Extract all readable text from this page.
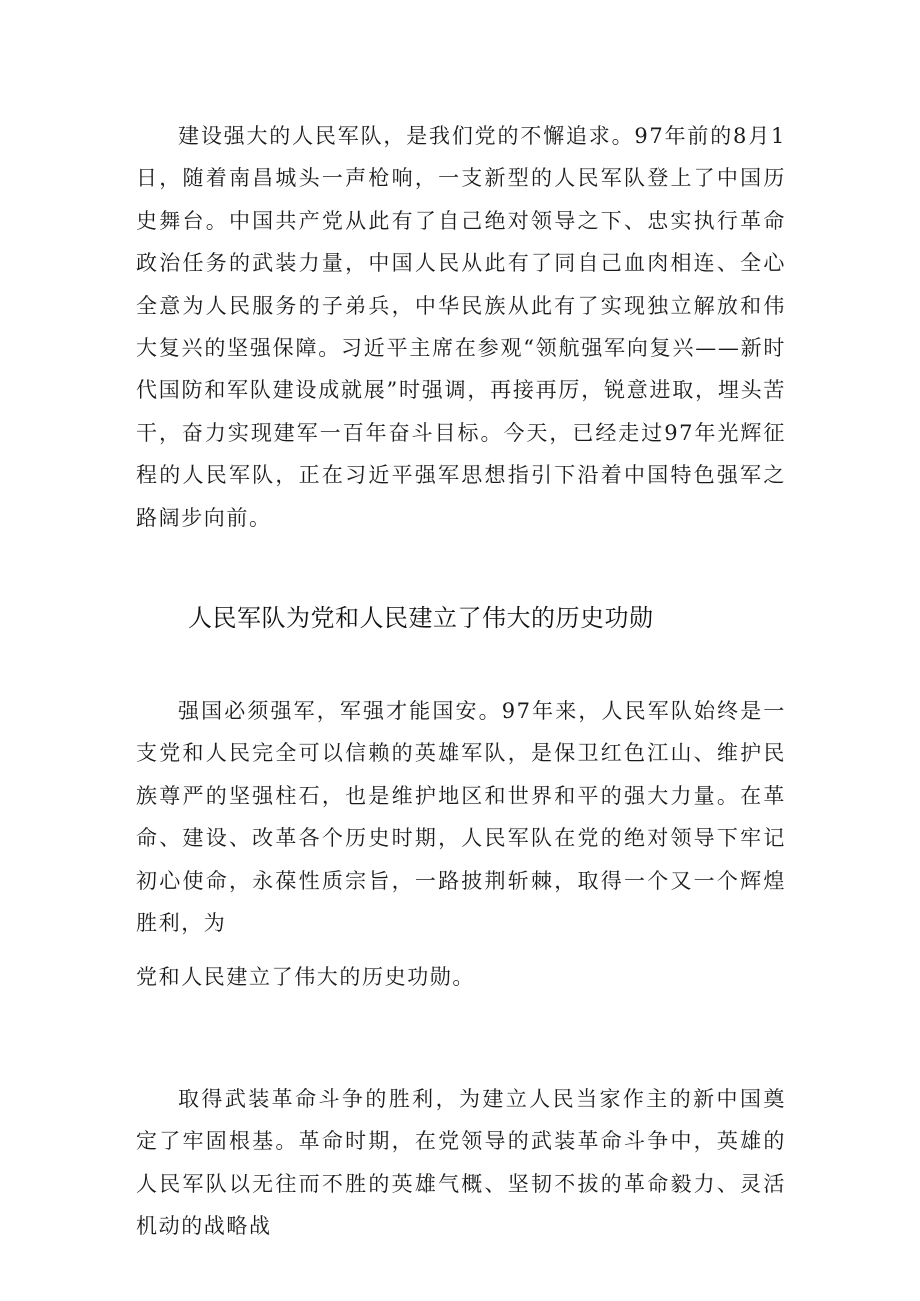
建设强大的人民军队，是我们党的不懈追求。97年前的8月1日，随着南昌城头一声枪响，一支新型的人民军队登上了中国历史舞台。中国共产党从此有了自己绝对领导之下、忠实执行革命政治任务的武装力量，中国人民从此有了同自己血肉相连、全心全意为人民服务的子弟兵，中华民族从此有了实现独立解放和伟大复兴的坚强保障。习近平主席在参观“领航强军向复兴——新时代国防和军队建设成就展”时强调，再接再厉，锐意进取，埋头苦干，奋力实现建军一百年奋斗目标。今天，已经走过97年光辉征程的人民军队，正在习近平强军思想指引下沿着中国特色强军之路阔步向前。

人民军队为党和人民建立了伟大的历史功勋

强国必须强军，军强才能国安。97年来，人民军队始终是一支党和人民完全可以信赖的英雄军队，是保卫红色江山、维护民族尊严的坚强柱石，也是维护地区和世界和平的强大力量。在革命、建设、改革各个历史时期，人民军队在党的绝对领导下牢记初心使命，永葆性质宗旨，一路披荆斩棘，取得一个又一个辉煌胜利，为

党和人民建立了伟大的历史功勋。

取得武装革命斗争的胜利，为建立人民当家作主的新中国奠定了牢固根基。革命时期，在党领导的武装革命斗争中，英雄的人民军队以无往而不胜的英雄气概、坚韧不拔的革命毅力、灵活机动的战略战
